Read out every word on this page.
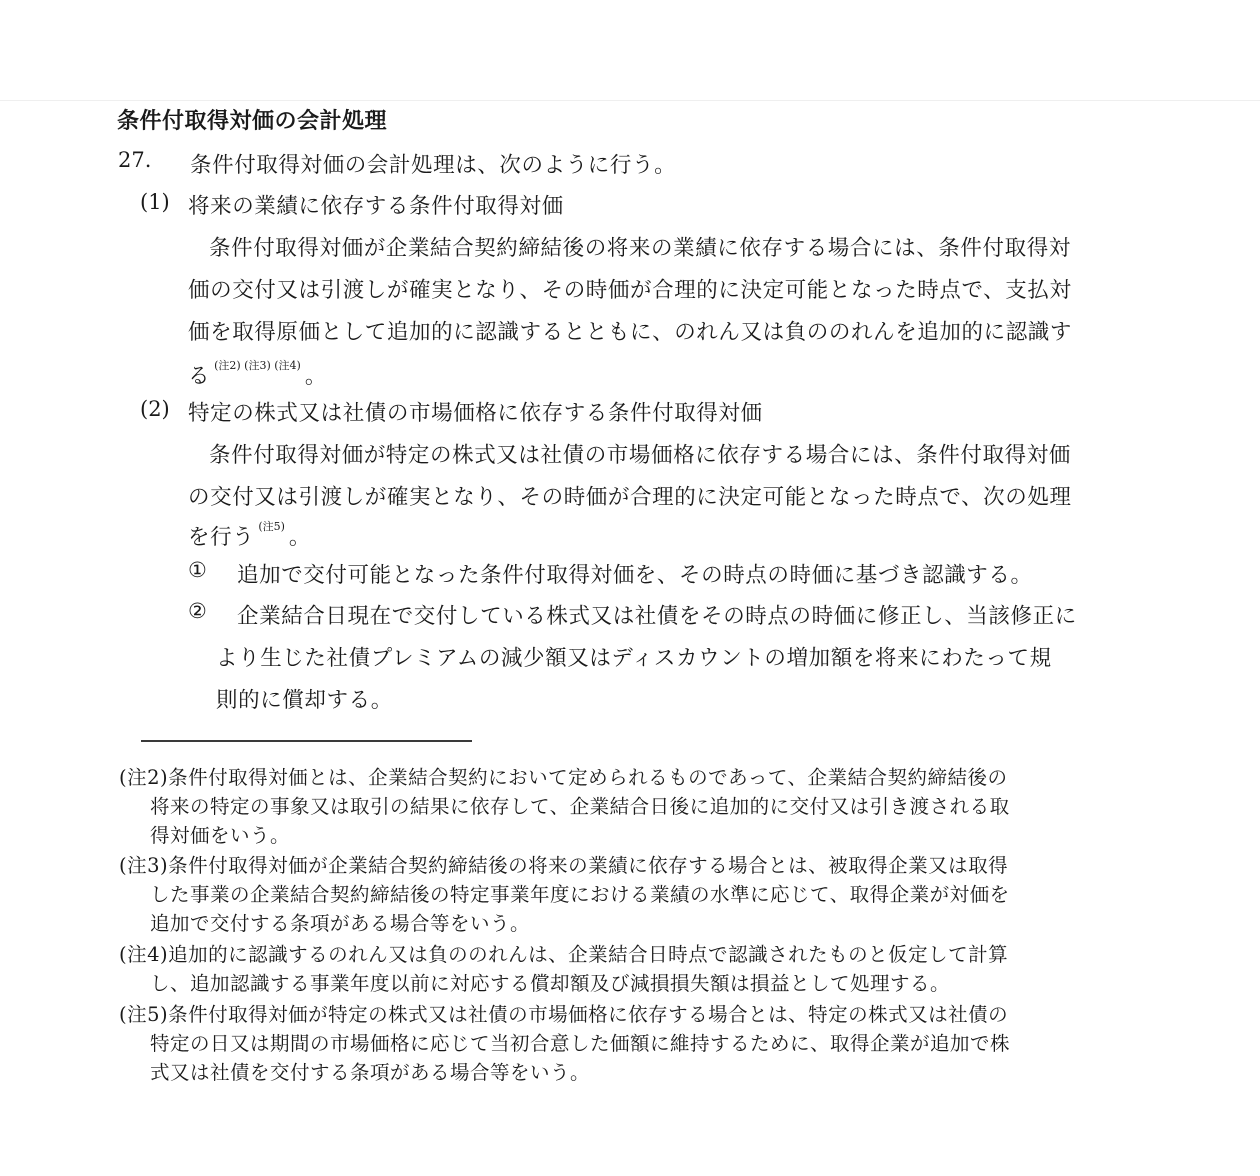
条件付取得対価の会計処理
27. 条件付取得対価の会計処理は、次のように行う。
(1) 将来の業績に依存する条件付取得対価
条件付取得対価が企業結合契約締結後の将来の業績に依存する場合には、条件付取得対
価の交付又は引渡しが確実となり、その時価が合理的に決定可能となった時点で、支払対
価を取得原価として追加的に認識するとともに、のれん又は負ののれんを追加的に認識す
る $^{(注2) (注3) (注4)}$ 。
(2) 特定の株式又は社債の市場価格に依存する条件付取得対価
条件付取得対価が特定の株式又は社債の市場価格に依存する場合には、条件付取得対価
の交付又は引渡しが確実となり、その時価が合理的に決定可能となった時点で、次の処理
を行う $^{(注5)}$ 。
① 追加で交付可能となった条件付取得対価を、その時点の時価に基づき認識する。
② 企業結合日現在で交付している株式又は社債をその時点の時価に修正し、当該修正に
より生じた社債プレミアムの減少額又はディスカウントの増加額を将来にわたって規
則的に償却する。
(注2)条件付取得対価とは、企業結合契約において定められるものであって、企業結合契約締結後の
将来の特定の事象又は取引の結果に依存して、企業結合日後に追加的に交付又は引き渡される取
得対価をいう。
(注3)条件付取得対価が企業結合契約締結後の将来の業績に依存する場合とは、被取得企業又は取得
した事業の企業結合契約締結後の特定事業年度における業績の水準に応じて、取得企業が対価を
追加で交付する条項がある場合等をいう。
(注4)追加的に認識するのれん又は負ののれんは、企業結合日時点で認識されたものと仮定して計算
し、追加認識する事業年度以前に対応する償却額及び減損損失額は損益として処理する。
(注5)条件付取得対価が特定の株式又は社債の市場価格に依存する場合とは、特定の株式又は社債の
特定の日又は期間の市場価格に応じて当初合意した価額に維持するために、取得企業が追加で株
式又は社債を交付する条項がある場合等をいう。
